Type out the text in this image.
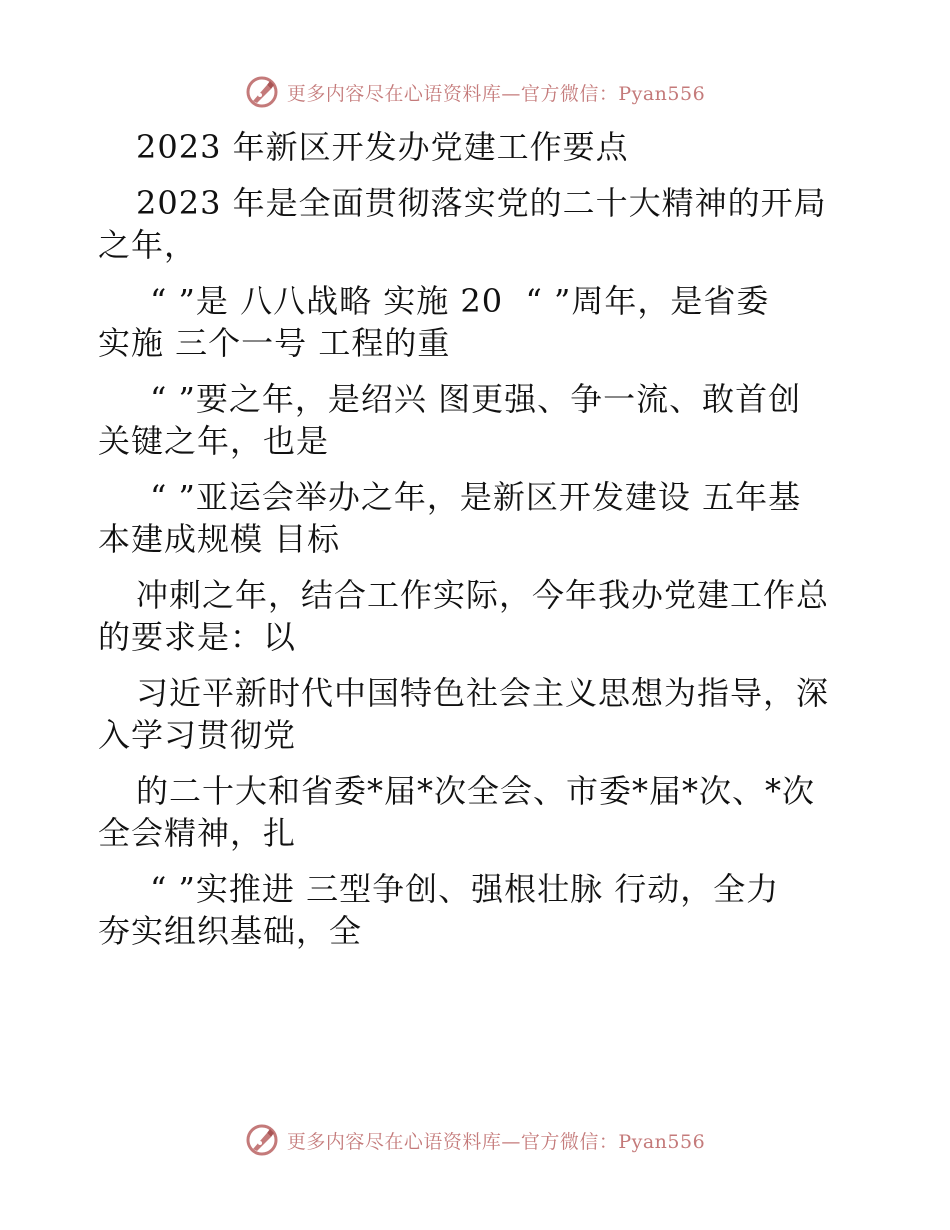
更多内容尽在心语资料库—官方微信：Pyan556
2023 年新区开发办党建工作要点
2023 年是全面贯彻落实党的二十大精神的开局
之年，
“ ”是 八八战略 实施 20  “ ”周年，是省委
实施 三个一号 工程的重
“ ”要之年，是绍兴 图更强、争一流、敢首创
关键之年，也是
“ ”亚运会举办之年，是新区开发建设 五年基
本建成规模 目标
冲刺之年，结合工作实际，今年我办党建工作总
的要求是：以
习近平新时代中国特色社会主义思想为指导，深
入学习贯彻党
的二十大和省委*届*次全会、市委*届*次、*次
全会精神，扎
“ ”实推进 三型争创、强根壮脉 行动，全力
夯实组织基础，全
更多内容尽在心语资料库—官方微信：Pyan556
